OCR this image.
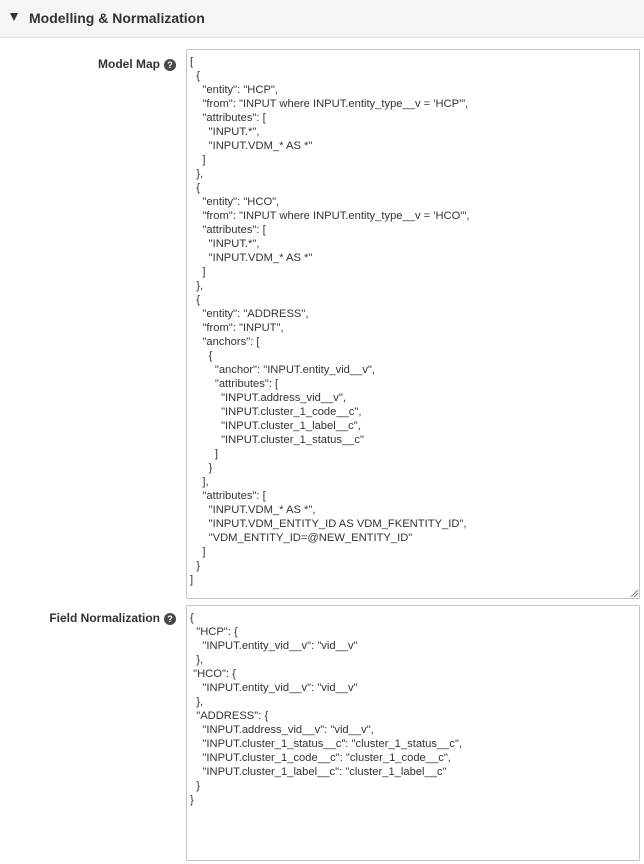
Modelling & Normalization
Model Map ?
[ { "entity": "HCP", "from": "INPUT where INPUT.entity_type__v = 'HCP'", "attributes": [ "INPUT.*", "INPUT.VDM_* AS *" ] }, { "entity": "HCO", "from": "INPUT where INPUT.entity_type__v = 'HCO'", "attributes": [ "INPUT.*", "INPUT.VDM_* AS *" ] }, { "entity": "ADDRESS", "from": "INPUT", "anchors": [ { "anchor": "INPUT.entity_vid__v", "attributes": [ "INPUT.address_vid__v", "INPUT.cluster_1_code__c", "INPUT.cluster_1_label__c", "INPUT.cluster_1_status__c" ] } ], "attributes": [ "INPUT.VDM_* AS *", "INPUT.VDM_ENTITY_ID AS VDM_FKENTITY_ID", "VDM_ENTITY_ID=@NEW_ENTITY_ID" ] } ]
Field Normalization ?
{ "HCP": { "INPUT.entity_vid__v": "vid__v" }, "HCO": { "INPUT.entity_vid__v": "vid__v" }, "ADDRESS": { "INPUT.address_vid__v": "vid__v", "INPUT.cluster_1_status__c": "cluster_1_status__c", "INPUT.cluster_1_code__c": "cluster_1_code__c", "INPUT.cluster_1_label__c": "cluster_1_label__c" } }
